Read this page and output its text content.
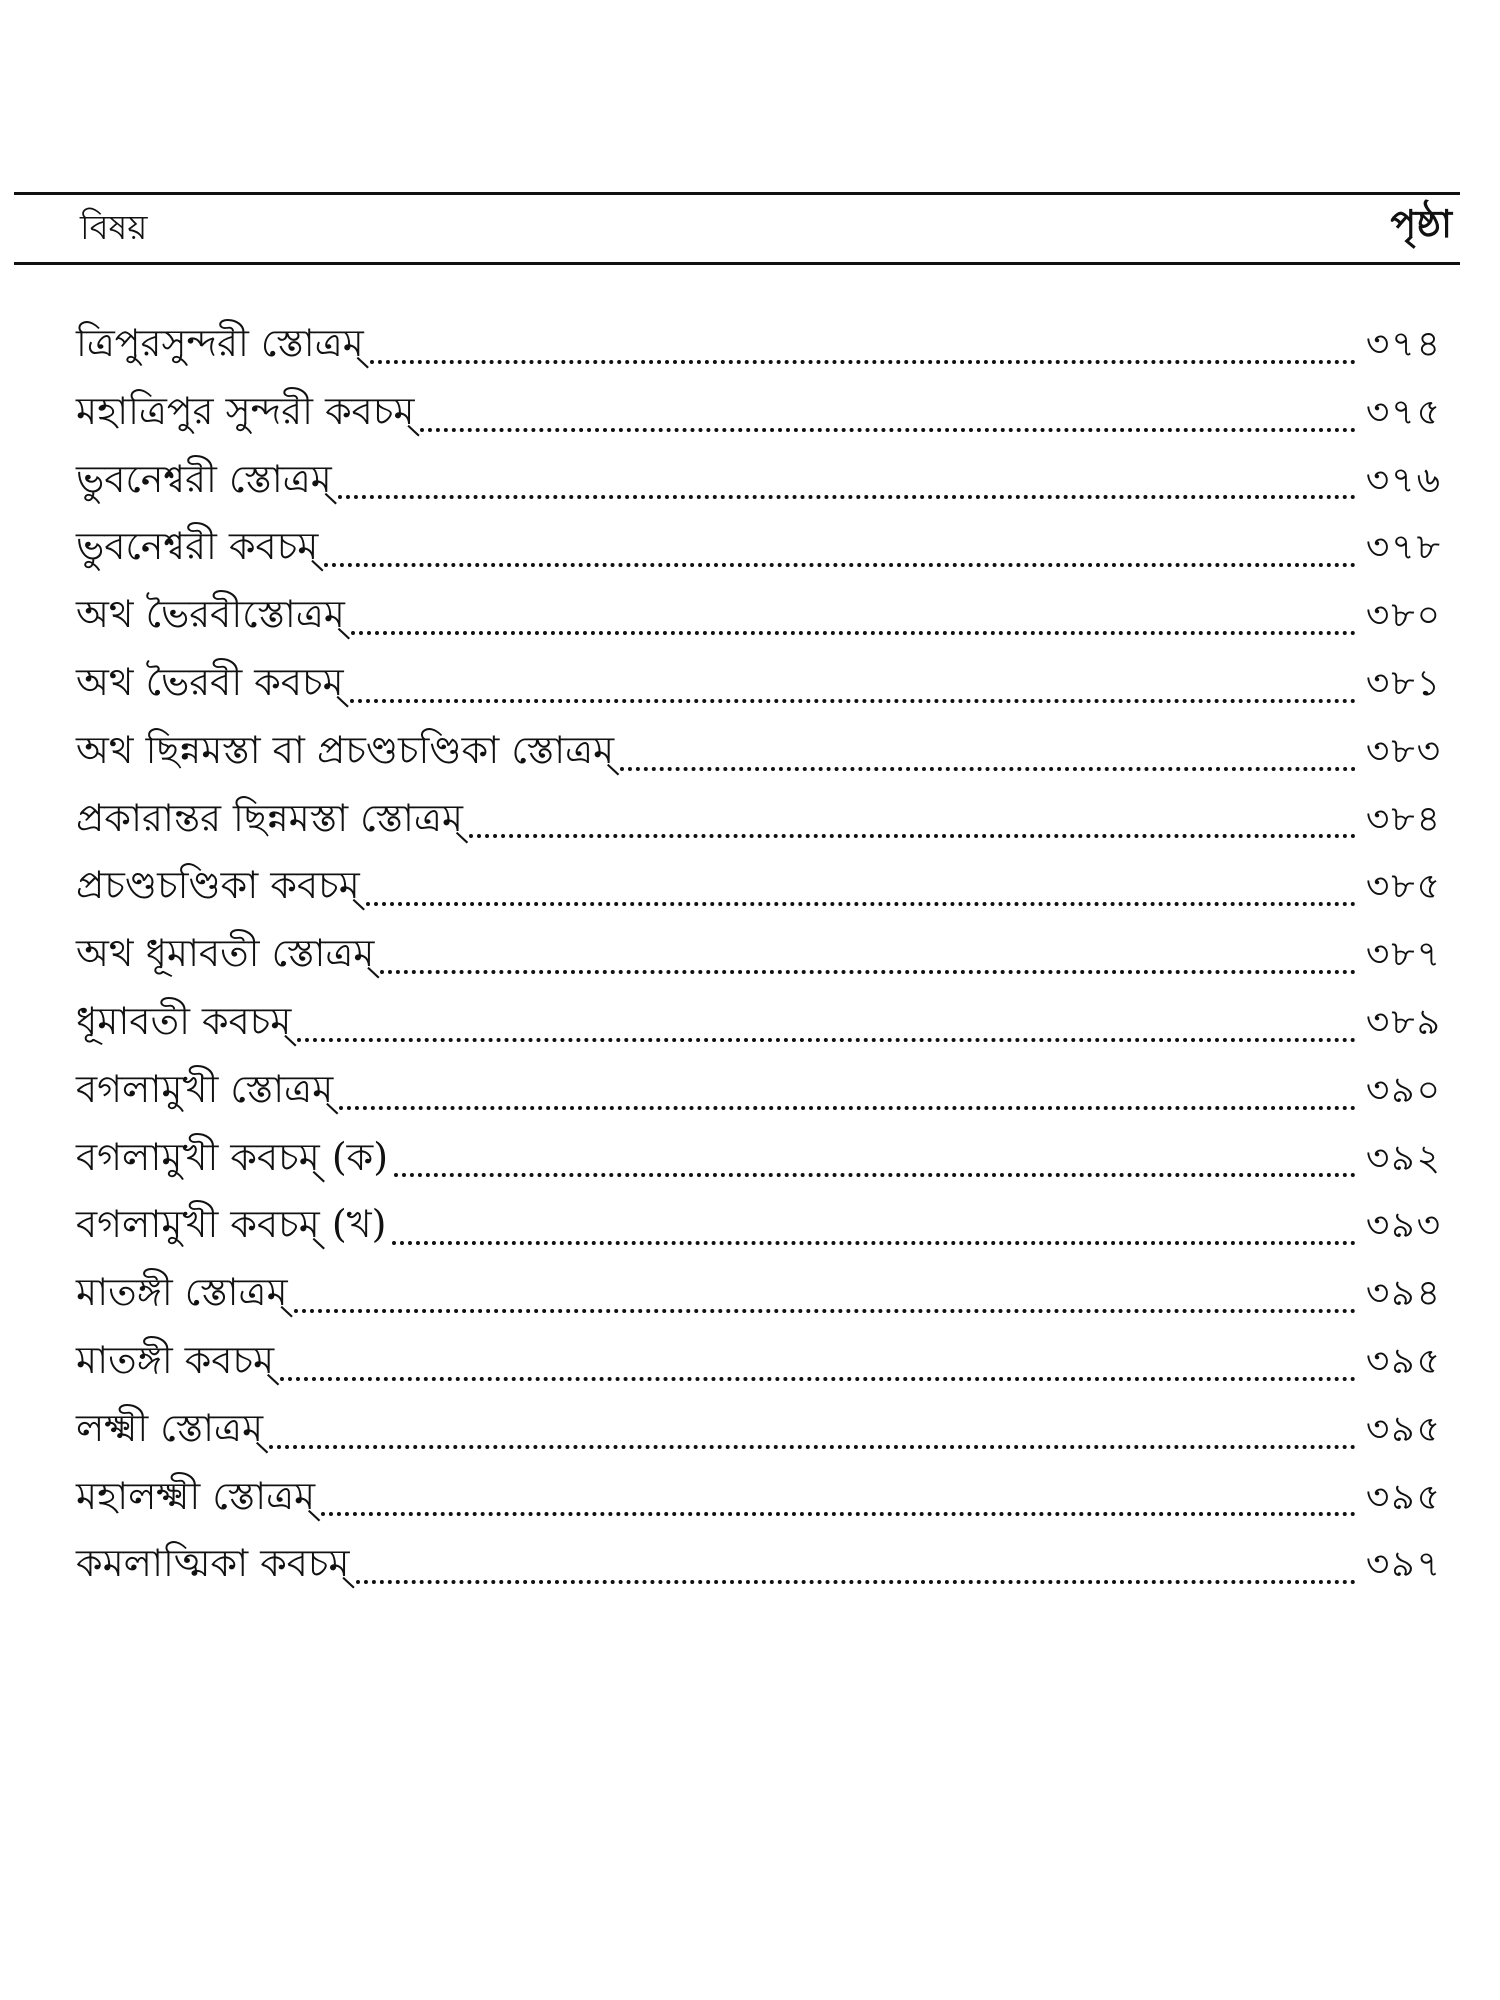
বিষয়	পৃষ্ঠা
ত্রিপুরসুন্দরী স্তোত্রম্	৩৭৪
মহাত্রিপুর সুন্দরী কবচম্	৩৭৫
ভুবনেশ্বরী স্তোত্রম্	৩৭৬
ভুবনেশ্বরী কবচম্	৩৭৮
অথ ভৈরবীস্তোত্রম্	৩৮০
অথ ভৈরবী কবচম্	৩৮১
অথ ছিন্নমস্তা বা প্রচণ্ডচণ্ডিকা স্তোত্রম্	৩৮৩
প্রকারান্তর ছিন্নমস্তা স্তোত্রম্	৩৮৪
প্রচণ্ডচণ্ডিকা কবচম্	৩৮৫
অথ ধূমাবতী স্তোত্রম্	৩৮৭
ধূমাবতী কবচম্	৩৮৯
বগলামুখী স্তোত্রম্	৩৯০
বগলামুখী কবচম্ (ক)	৩৯২
বগলামুখী কবচম্ (খ)	৩৯৩
মাতঙ্গী স্তোত্রম্	৩৯৪
মাতঙ্গী কবচম্	৩৯৫
লক্ষ্মী স্তোত্রম্	৩৯৫
মহালক্ষ্মী স্তোত্রম্	৩৯৫
কমলাত্মিকা কবচম্	৩৯৭
